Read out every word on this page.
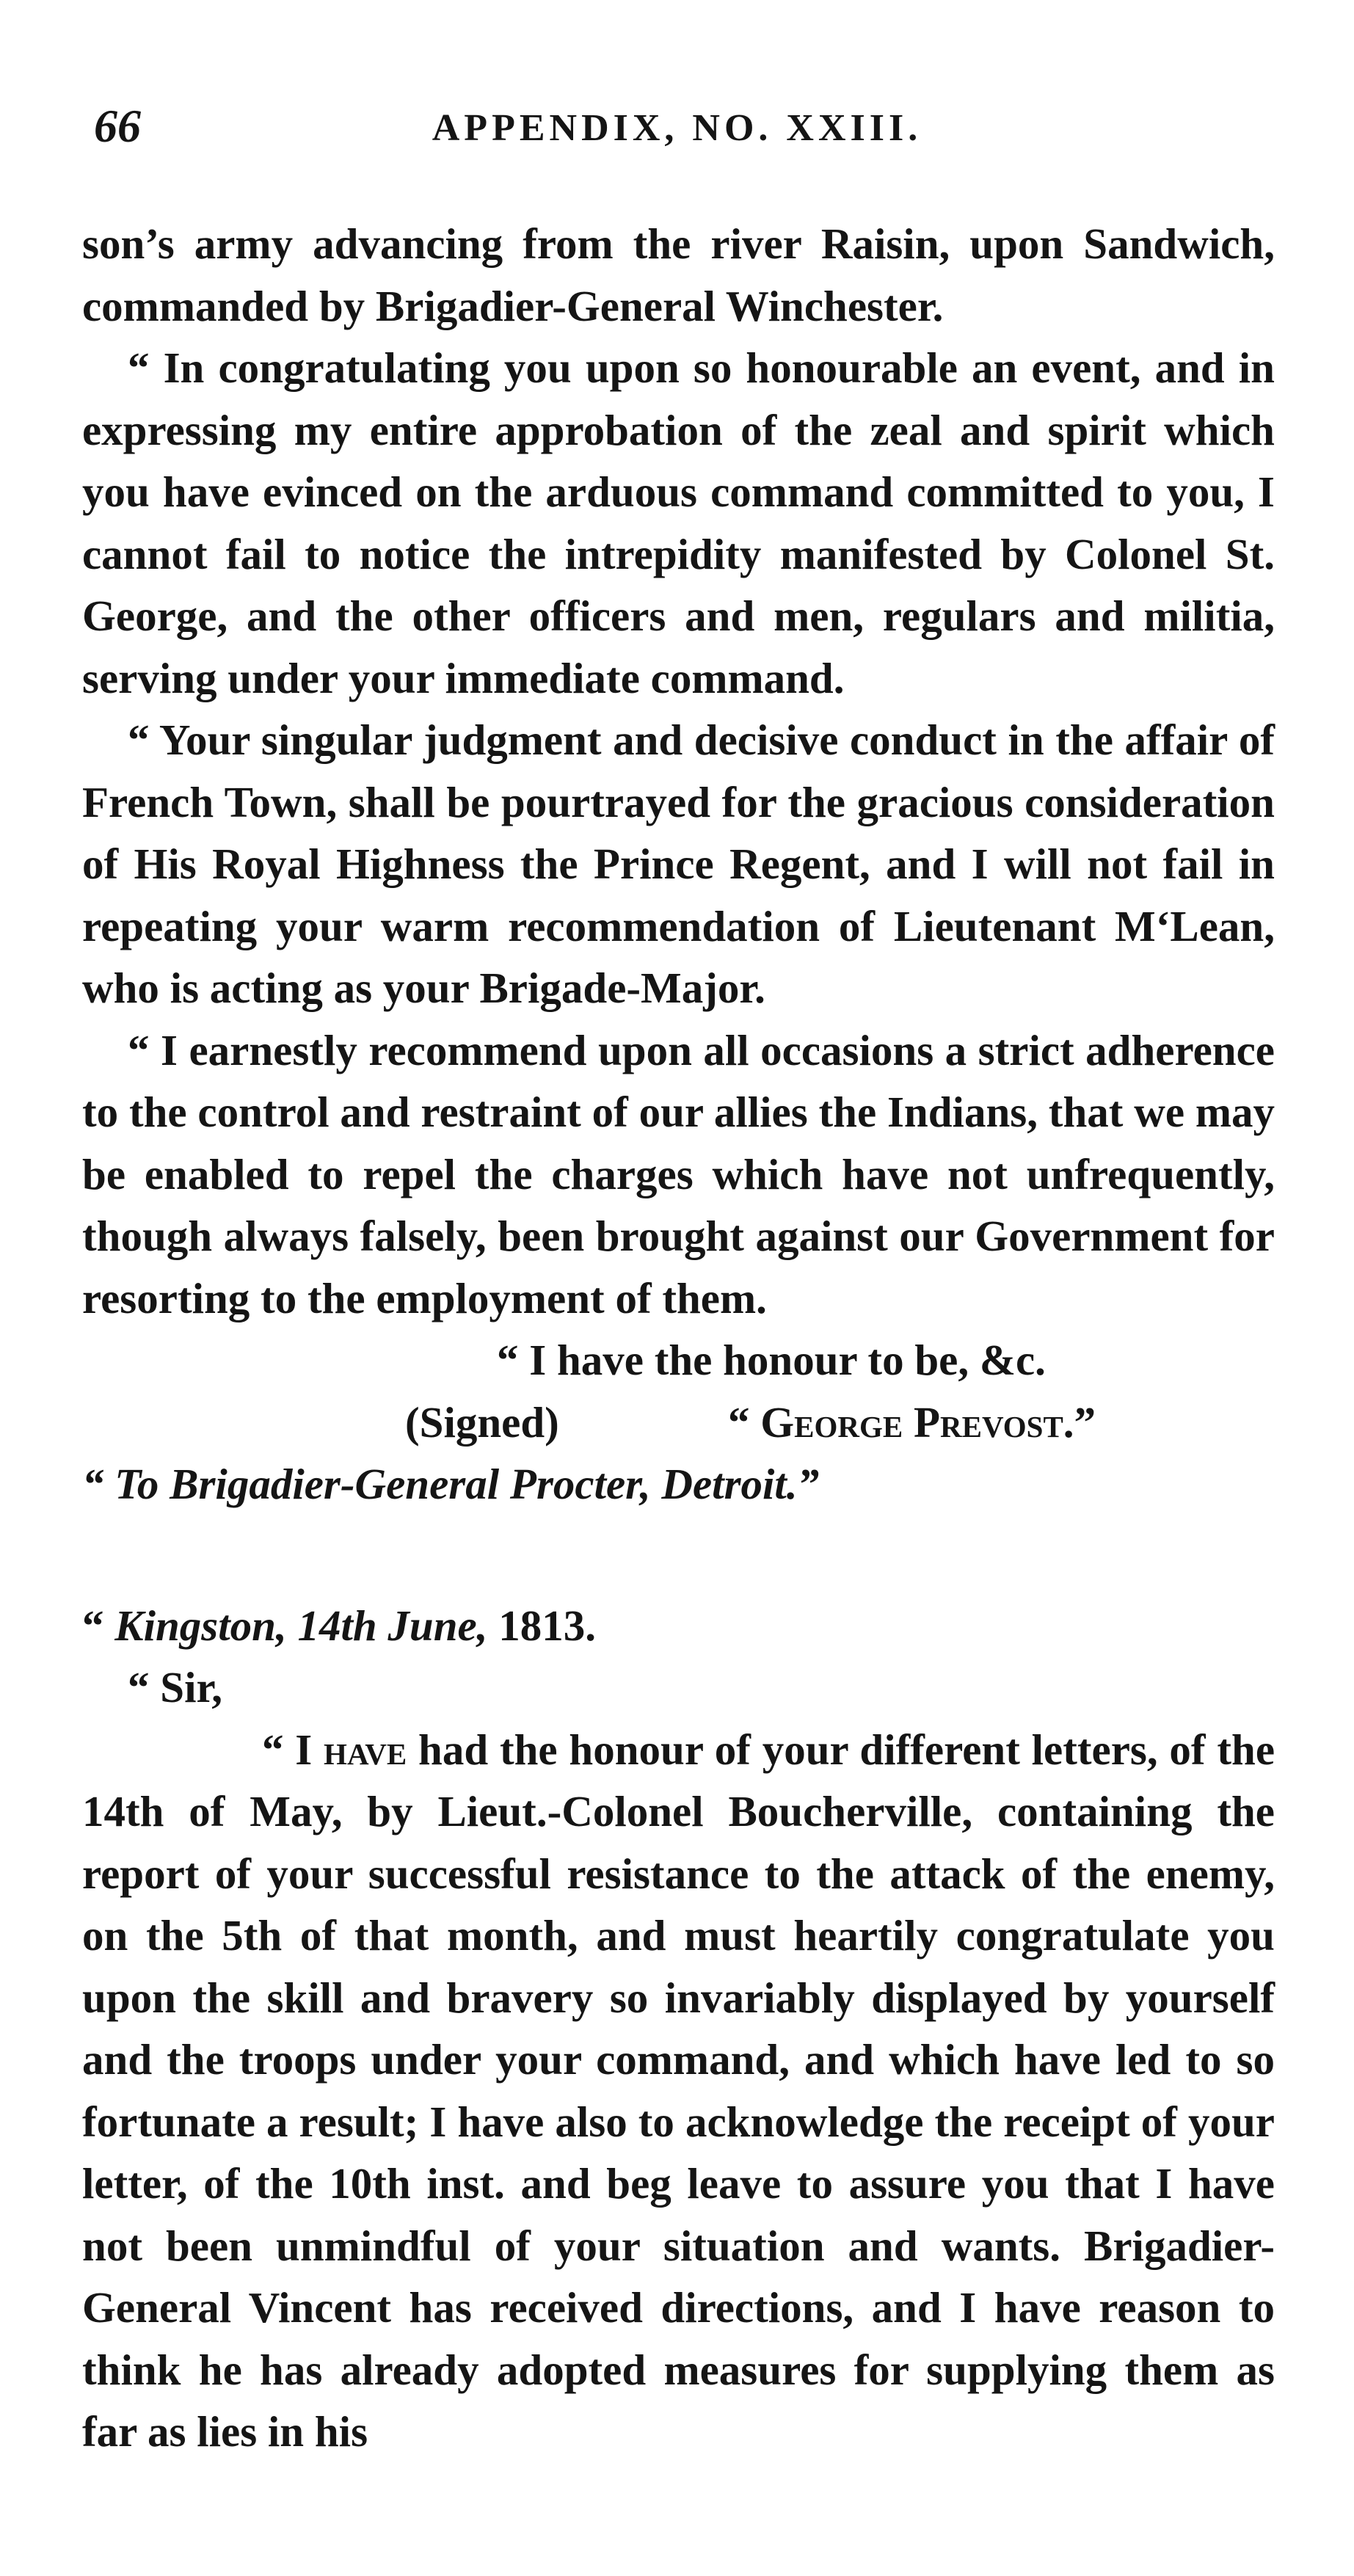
66	APPENDIX, NO. XXIII.

son’s army advancing from the river Raisin, upon Sandwich, commanded by Brigadier-General Winchester.

“ In congratulating you upon so honourable an event, and in expressing my entire approbation of the zeal and spirit which you have evinced on the arduous command committed to you, I cannot fail to notice the intrepidity manifested by Colonel St. George, and the other officers and men, regulars and militia, serving under your immediate command.

“ Your singular judgment and decisive conduct in the affair of French Town, shall be pourtrayed for the gracious consideration of His Royal Highness the Prince Regent, and I will not fail in repeating your warm recommendation of Lieutenant M‘Lean, who is acting as your Brigade-Major.

“ I earnestly recommend upon all occasions a strict adherence to the control and restraint of our allies the Indians, that we may be enabled to repel the charges which have not unfrequently, though always falsely, been brought against our Government for resorting to the employment of them.

“ I have the honour to be, &c.

(Signed)	“ George Prevost.”

“ To Brigadier-General Procter, Detroit.”

“ Kingston, 14th June, 1813.

“ Sir,

“ I have had the honour of your different letters, of the 14th of May, by Lieut.-Colonel Boucherville, containing the report of your successful resistance to the attack of the enemy, on the 5th of that month, and must heartily congratulate you upon the skill and bravery so invariably displayed by yourself and the troops under your command, and which have led to so fortunate a result; I have also to acknowledge the receipt of your letter, of the 10th inst. and beg leave to assure you that I have not been unmindful of your situation and wants. Brigadier-General Vincent has received directions, and I have reason to think he has already adopted measures for supplying them as far as lies in his
